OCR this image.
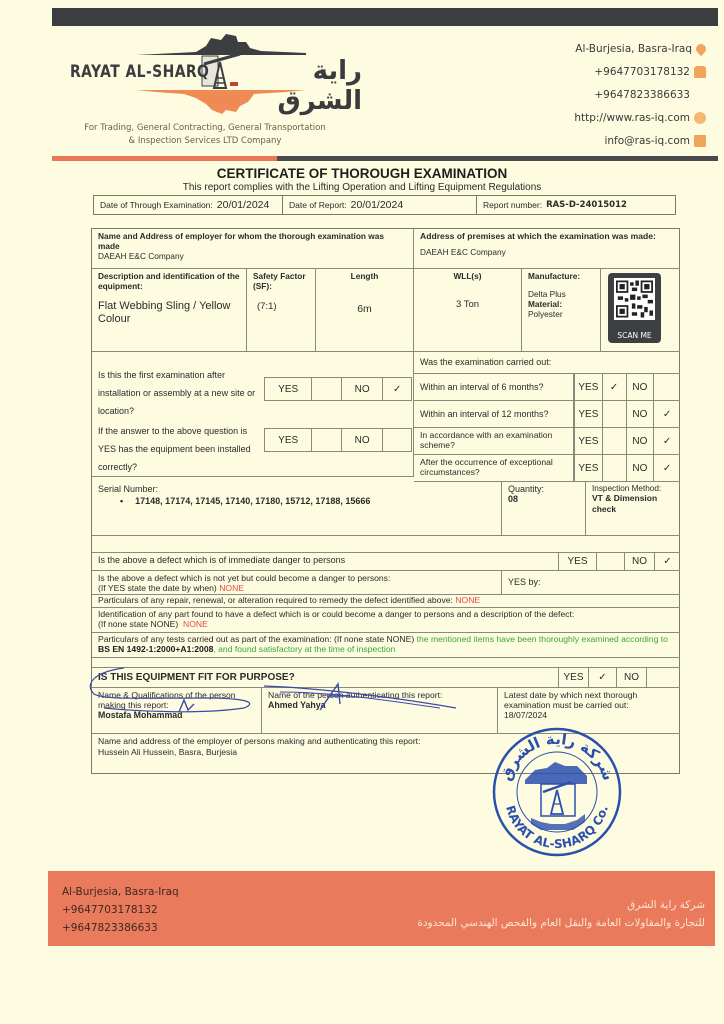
RAYAT AL-SHARQ	راية الشرق
For Trading, General Contracting, General Transportation
& Inspection Services LTD Company
Al-Burjesia, Basra-Iraq
+9647703178132
+9647823386633
http://www.ras-iq.com
info@ras-iq.com
CERTIFICATE OF THOROUGH EXAMINATION
This report complies with the Lifting Operation and Lifting Equipment Regulations
Date of Through Examination: 20/01/2024 Date of Report: 20/01/2024	Report number: RAS-D-24015012
Name and Address of employer for whom the thorough examination was made
DAEAH E&C Company
Address of premises at which the examination was made:
DAEAH E&C Company
Description and identification of the equipment:
Flat Webbing Sling / Yellow Colour
Safety Factor (SF):
(7:1)
Length
6m
WLL(s)
3 Ton
Manufacture:
Delta Plus
Material:
Polyester
Is this the first examination after installation or assembly at a new site or location?
If the answer to the above question is YES has the equipment been installed correctly?
YES	NO	✓
YES	NO
Was the examination carried out:
Within an interval of 6 months?	YES	✓	NO
Within an interval of 12 months?	YES	NO	✓
In accordance with an examination scheme?	YES	NO	✓
After the occurrence of exceptional circumstances?	YES	NO	✓
Serial Number:
• 17148, 17174, 17145, 17140, 17180, 15712, 17188, 15666
Quantity:
08
Inspection Method:
VT & Dimension check
Is the above a defect which is of immediate danger to persons	YES	NO	✓
Is the above a defect which is not yet but could become a danger to persons:
(If YES state the date by when) NONE
YES by:
Particulars of any repair, renewal, or alteration required to remedy the defect identified above: NONE
Identification of any part found to have a defect which is or could become a danger to persons and a description of the defect:
(If none state NONE) NONE
Particulars of any tests carried out as part of the examination: (If none state NONE) the mentioned items have been thoroughly examined according to BS EN 1492-1:2000+A1:2008, and found satisfactory at the time of inspection
IS THIS EQUIPMENT FIT FOR PURPOSE?	YES	✓	NO
Name & Qualifications of the person making this report:
Mostafa Mohammad
Name of the person authenticating this report:
Ahmed Yahya
Latest date by which next thorough examination must be carried out:
18/07/2024
Name and address of the employer of persons making and authenticating this report:
Hussein Ali Hussein, Basra, Burjesia
SCAN ME
شركة راية الشرق
RAYAT AL-SHARQ Co.
Al-Burjesia, Basra-Iraq
+9647703178132
+9647823386633
شركة راية الشرق
للتجارة والمقاولات العامة والنقل العام والفحص الهندسي المحدودة
